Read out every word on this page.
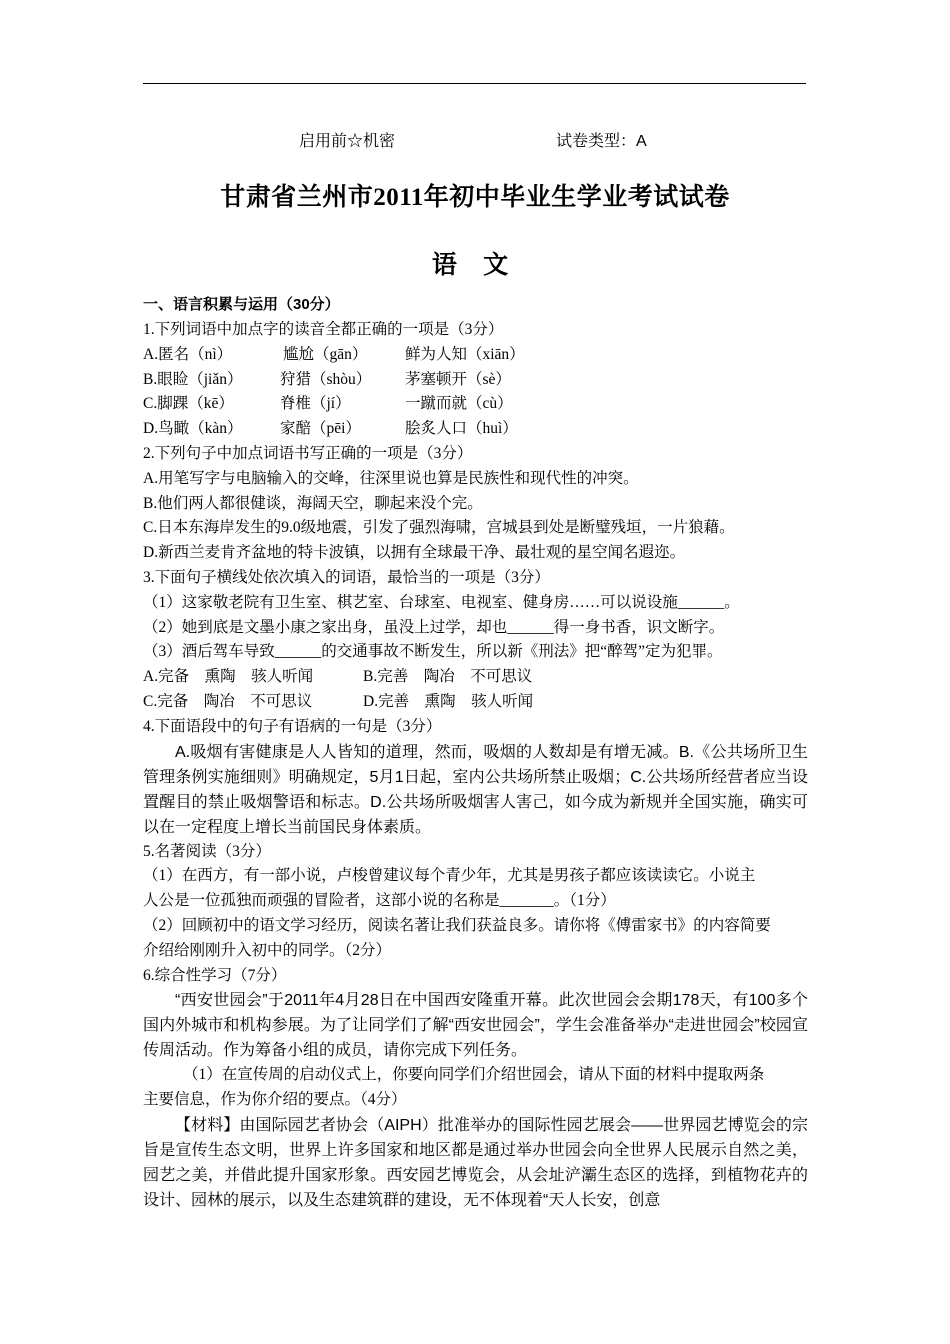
启用前☆机密	试卷类型：A
甘肃省兰州市2011年初中毕业生学业考试试卷
语 文
一、语言积累与运用（30分）
1.下列词语中加点字的读音全都正确的一项是（3分）
A.匿名（nì）	尴尬（gān） 鲜为人知（xiān）
B.眼睑（jiǎn） 狩猎（shòu） 茅塞顿开（sè）
C.脚踝（kē）	脊椎（jí）	一蹴而就（cù）
D.鸟瞰（kàn） 家醅（pēi）	脍炙人口（huì）
2.下列句子中加点词语书写正确的一项是（3分）
A.用笔写字与电脑输入的交峰，往深里说也算是民族性和现代性的冲突。
B.他们两人都很健谈，海阔天空，聊起来没个完。
C.日本东海岸发生的9.0级地震，引发了强烈海啸，宫城县到处是断璧残垣，一片狼藉。
D.新西兰麦肯齐盆地的特卡波镇，以拥有全球最干净、最壮观的星空闻名遐迩。
3.下面句子横线处依次填入的词语，最恰当的一项是（3分）
（1）这家敬老院有卫生室、棋艺室、台球室、电视室、健身房……可以说设施______。
（2）她到底是文墨小康之家出身，虽没上过学，却也______得一身书香，识文断字。
（3）酒后驾车导致______的交通事故不断发生，所以新《刑法》把“醉驾”定为犯罪。
A.完备　熏陶　骇人听闻	B.完善　陶冶　不可思议
C.完备　陶冶　不可思议	D.完善　熏陶　骇人听闻
4.下面语段中的句子有语病的一句是（3分）

A.吸烟有害健康是人人皆知的道理，然而，吸烟的人数却是有增无减。B.《公共场所卫生管理条例实施细则》明确规定，5月1日起，室内公共场所禁止吸烟；C.公共场所经营者应当设置醒目的禁止吸烟警语和标志。D.公共场所吸烟害人害己，如今成为新规并全国实施，确实可以在一定程度上增长当前国民身体素质。

5.名著阅读（3分）
（1）在西方，有一部小说，卢梭曾建议每个青少年，尤其是男孩子都应该读读它。小说主
人公是一位孤独而顽强的冒险者，这部小说的名称是_______。（1分）
（2）回顾初中的语文学习经历，阅读名著让我们获益良多。请你将《傅雷家书》的内容简要
介绍给刚刚升入初中的同学。（2分）
6.综合性学习（7分）

“西安世园会”于2011年4月28日在中国西安隆重开幕。此次世园会会期178天，有100多个国内外城市和机构参展。为了让同学们了解“西安世园会”，学生会准备举办“走进世园会”校园宣传周活动。作为筹备小组的成员，请你完成下列任务。

（1）在宣传周的启动仪式上，你要向同学们介绍世园会，请从下面的材料中提取两条
主要信息，作为你介绍的要点。（4分）

【材料】由国际园艺者协会（AIPH）批准举办的国际性园艺展会——世界园艺博览会的宗旨是宣传生态文明，世界上许多国家和地区都是通过举办世园会向全世界人民展示自然之美，园艺之美，并借此提升国家形象。西安园艺博览会，从会址浐灞生态区的选择，到植物花卉的设计、园林的展示，以及生态建筑群的建设，无不体现着“天人长安，创意
